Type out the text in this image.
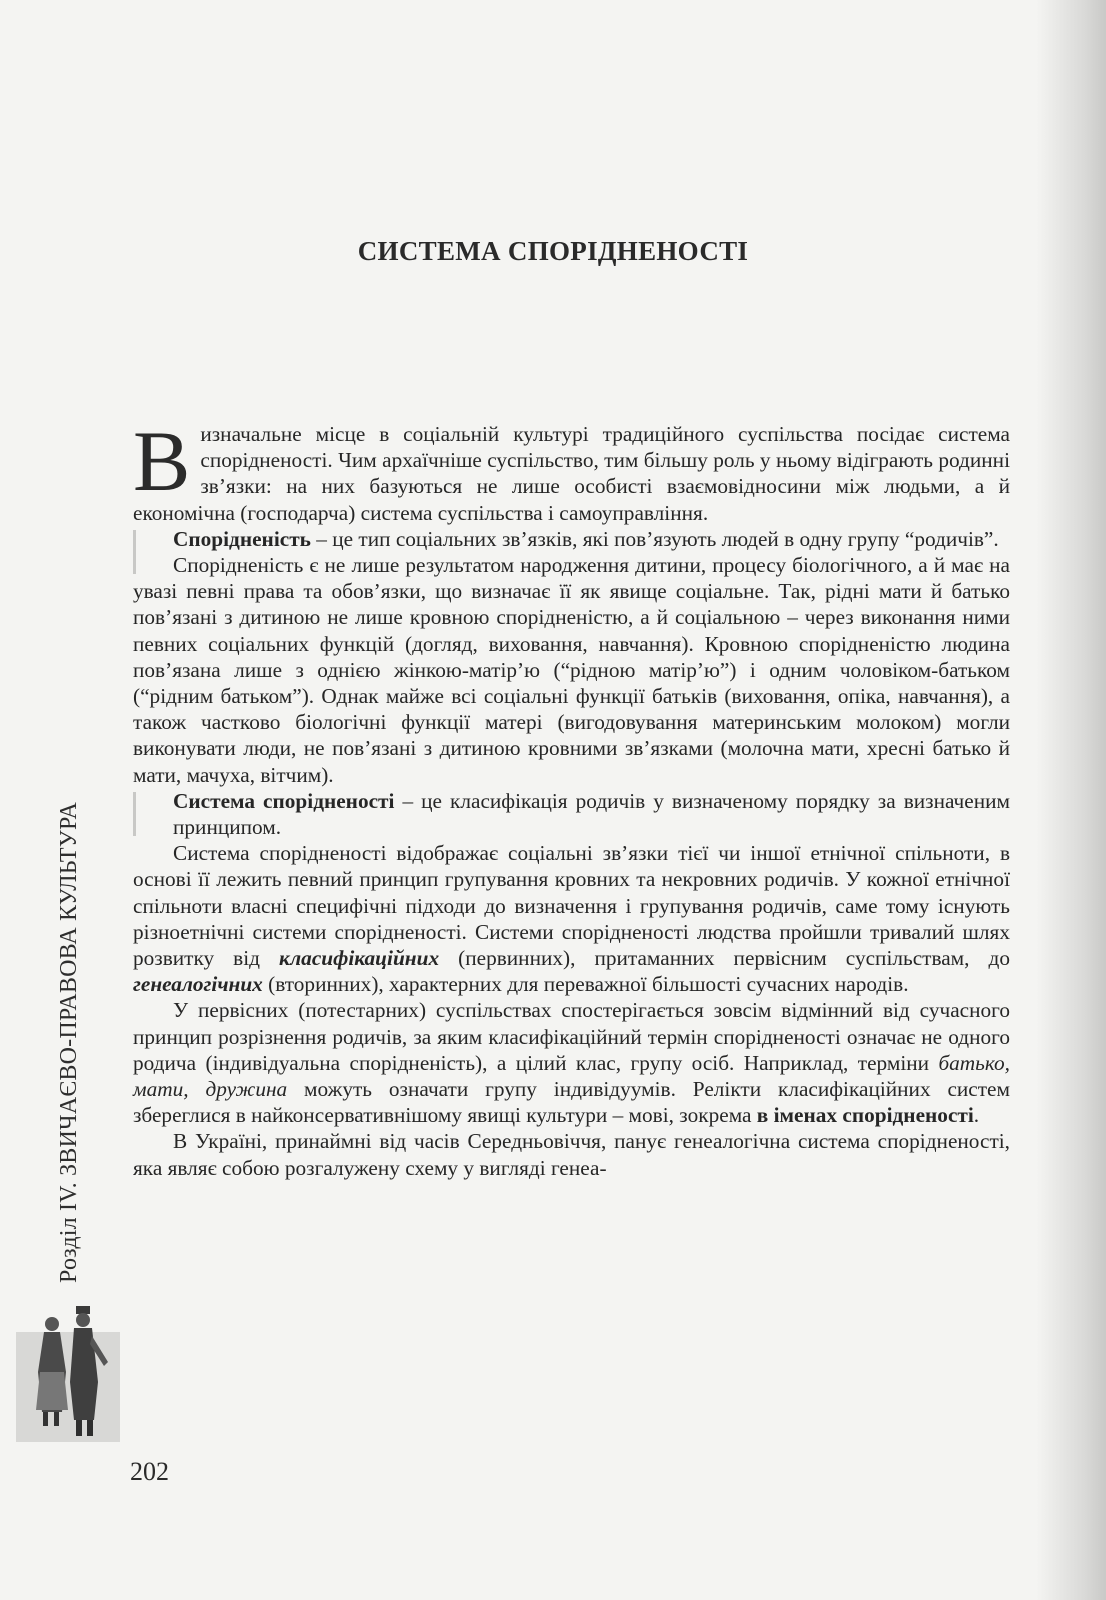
СИСТЕМА СПОРІДНЕНОСТІ

Визначальне місце в соціальній культурі традиційного суспільства посідає система спорідненості. Чим архаїчніше суспільство, тим більшу роль у ньому відіграють родинні зв’язки: на них базуються не лише особисті взаємовідносини між людьми, а й економічна (господарча) система суспільства і самоуправління.

Спорідненість – це тип соціальних зв’язків, які пов’язують людей в одну групу “родичів”.

Спорідненість є не лише результатом народження дитини, процесу біологічного, а й має на увазі певні права та обов’язки, що визначає її як явище соціальне. Так, рідні мати й батько пов’язані з дитиною не лише кровною спорідненістю, а й соціальною – через виконання ними певних соціальних функцій (догляд, виховання, навчання). Кровною спорідненістю людина пов’язана лише з однією жінкою-матір’ю (“рідною матір’ю”) і одним чоловіком-батьком (“рідним батьком”). Однак майже всі соціальні функції батьків (виховання, опіка, навчання), а також частково біологічні функції матері (вигодовування материнським молоком) могли виконувати люди, не пов’язані з дитиною кровними зв’язками (молочна мати, хресні батько й мати, мачуха, вітчим).

Система спорідненості – це класифікація родичів у визначеному порядку за визначеним принципом.

Система спорідненості відображає соціальні зв’язки тієї чи іншої етнічної спільноти, в основі її лежить певний принцип групування кровних та некровних родичів. У кожної етнічної спільноти власні специфічні підходи до визначення і групування родичів, саме тому існують різноетнічні системи спорідненості. Системи спорідненості людства пройшли тривалий шлях розвитку від класифікаційних (первинних), притаманних первісним суспільствам, до генеалогічних (вторинних), характерних для переважної більшості сучасних народів.

У первісних (потестарних) суспільствах спостерігається зовсім відмінний від сучасного принцип розрізнення родичів, за яким класифікаційний термін спорідненості означає не одного родича (індивідуальна спорідненість), а цілий клас, групу осіб. Наприклад, терміни батько, мати, дружина можуть означати групу індивідуумів. Релікти класифікаційних систем збереглися в найконсервативнішому явищі культури – мові, зокрема в іменах спорідненості.

В Україні, принаймні від часів Середньовіччя, панує генеалогічна система спорідненості, яка являє собою розгалужену схему у вигляді генеа-

Розділ IV. ЗВИЧАЄВО-ПРАВОВА КУЛЬТУРА
202
